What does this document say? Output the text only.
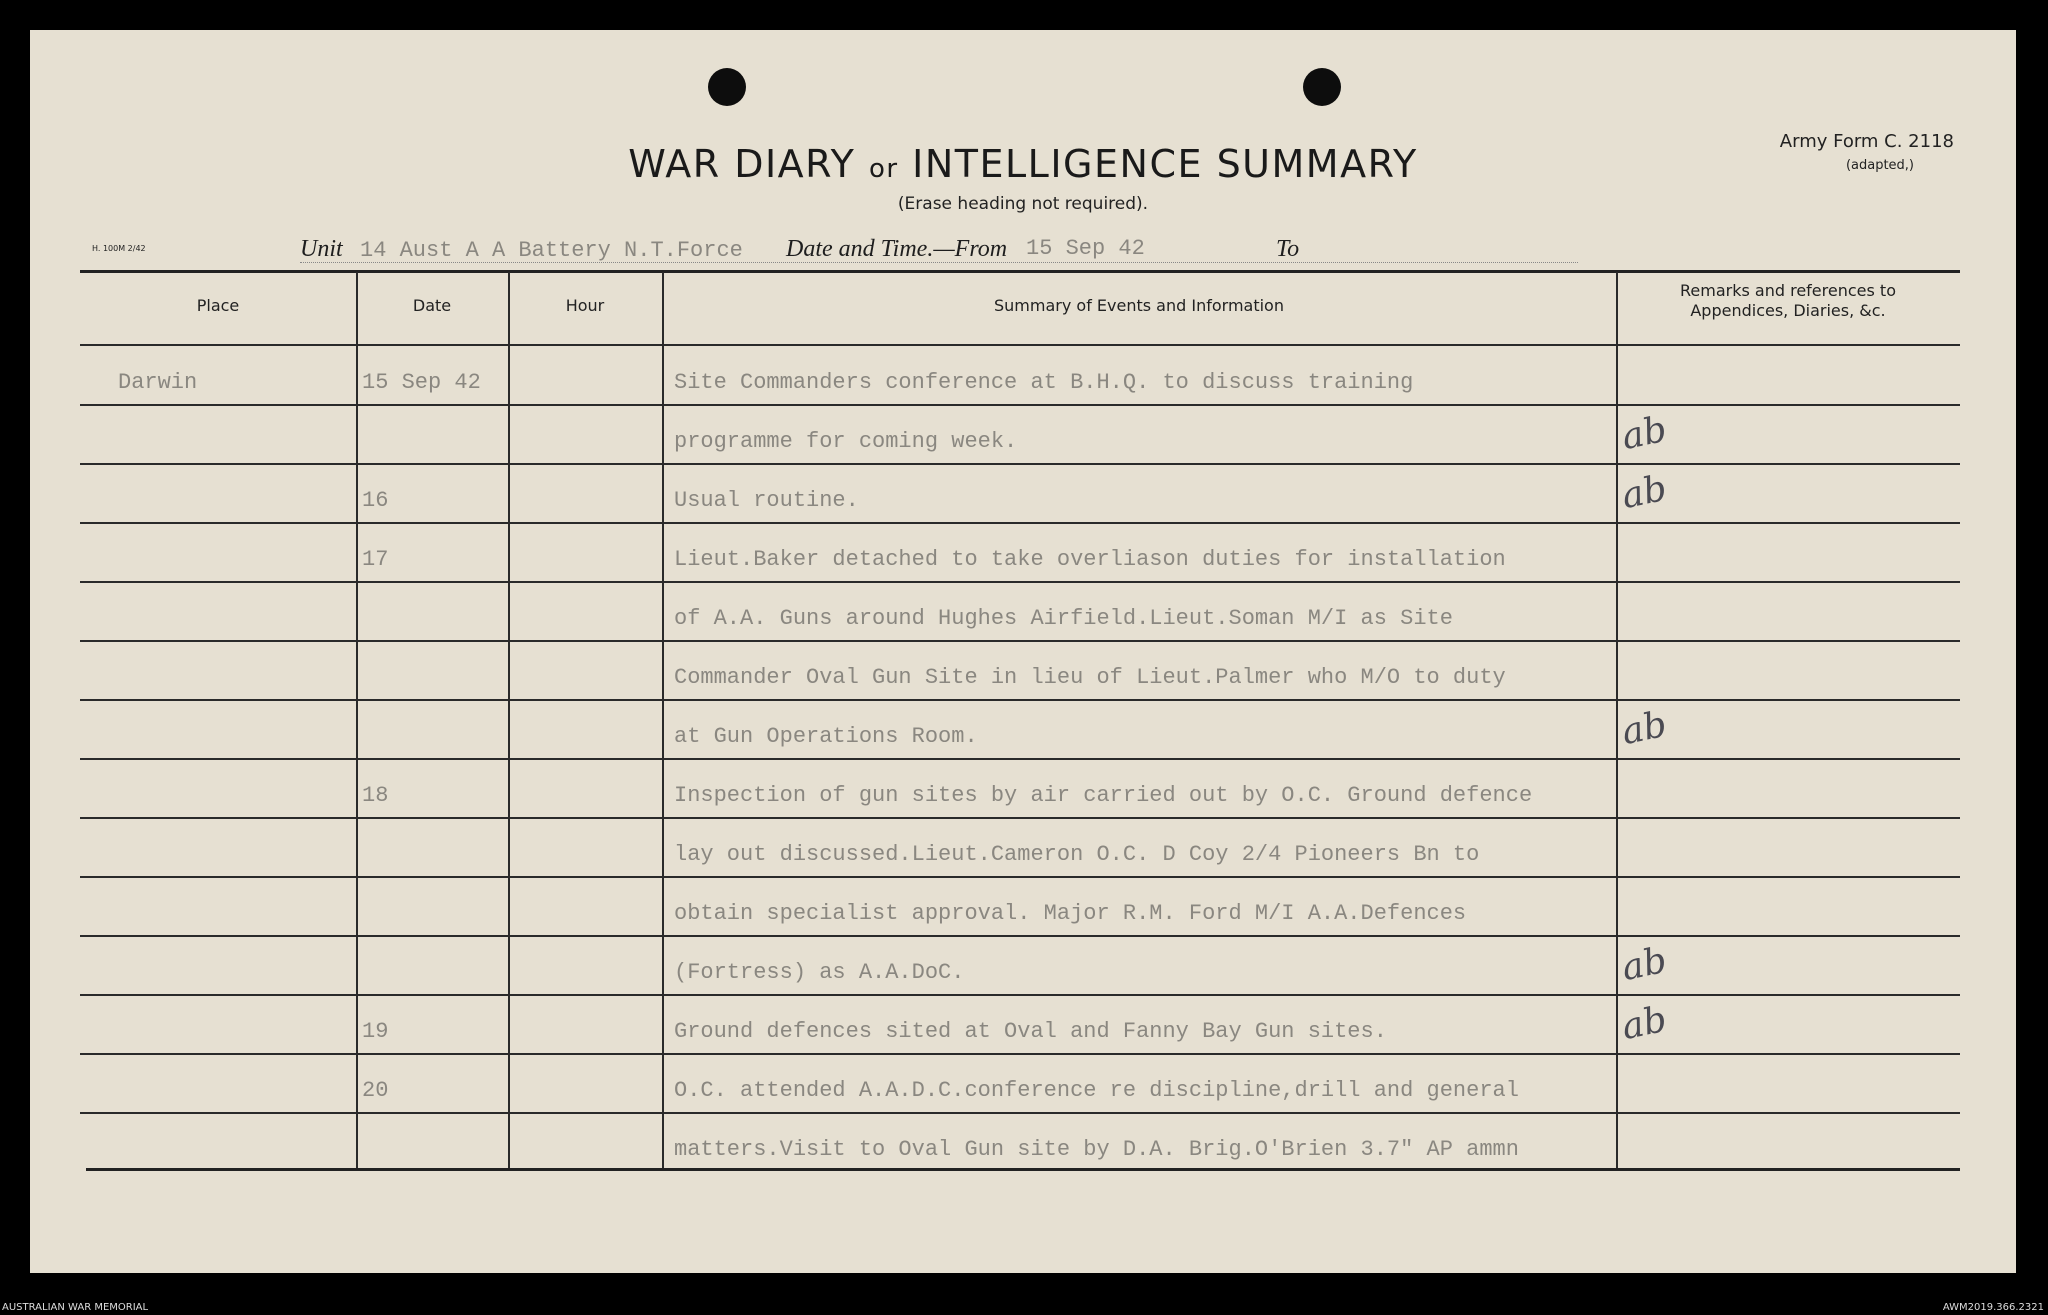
WAR DIARY or INTELLIGENCE SUMMARY
(Erase heading not required).
Army Form C. 2118
(adapted,)
H. 100M 2/42	Unit 14 Aust A A Battery N.T.Force Date and Time.—From 15 Sep 42	To
Place	Date	Hour	Summary of Events and Information
Remarks and references to
Appendices, Diaries, &c.
Darwin	15 Sep 42	Site Commanders conference at B.H.Q. to discuss training
programme for coming week.	ab
16	Usual routine.	ab
17	Lieut.Baker detached to take overliason duties for installation
of A.A. Guns around Hughes Airfield.Lieut.Soman M/I as Site
Commander Oval Gun Site in lieu of Lieut.Palmer who M/O to duty
at Gun Operations Room.	ab
18	Inspection of gun sites by air carried out by O.C. Ground defence
lay out discussed.Lieut.Cameron O.C. D Coy 2/4 Pioneers Bn to
obtain specialist approval. Major R.M. Ford M/I A.A.Defences
(Fortress) as A.A.DoC.	ab
19	Ground defences sited at Oval and Fanny Bay Gun sites.	ab
20	O.C. attended A.A.D.C.conference re discipline,drill and general
matters.Visit to Oval Gun site by D.A. Brig.O'Brien 3.7" AP ammn
AUSTRALIAN WAR MEMORIAL	AWM2019.366.2321
